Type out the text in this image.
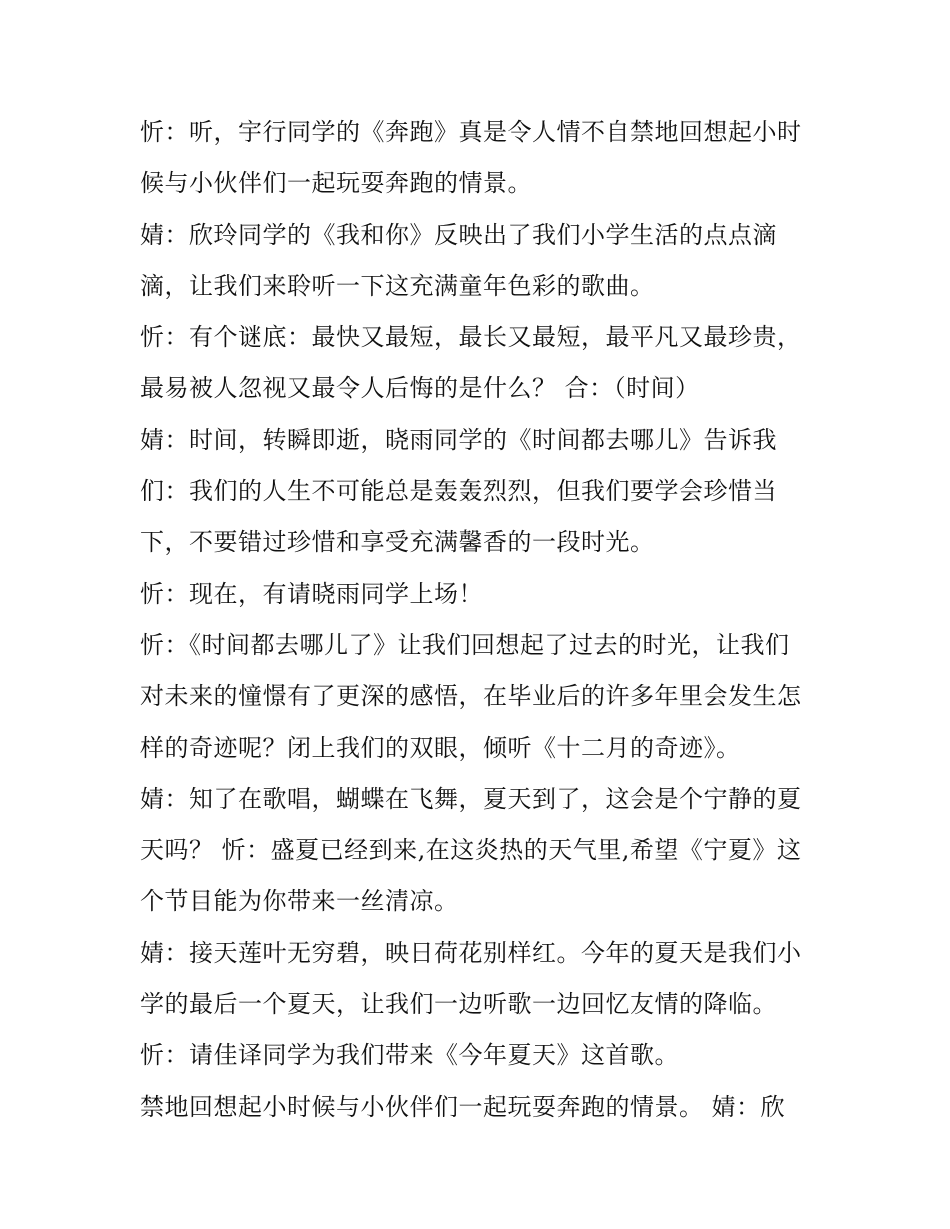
忻：听，宇行同学的《奔跑》真是令人情不自禁地回想起小时
候与小伙伴们一起玩耍奔跑的情景。
婧：欣玲同学的《我和你》反映出了我们小学生活的点点滴
滴，让我们来聆听一下这充满童年色彩的歌曲。
忻：有个谜底：最快又最短，最长又最短，最平凡又最珍贵，
最易被人忽视又最令人后悔的是什么？ 合：（时间）
婧：时间，转瞬即逝，晓雨同学的《时间都去哪儿》告诉我
们：我们的人生不可能总是轰轰烈烈，但我们要学会珍惜当
下，不要错过珍惜和享受充满馨香的一段时光。
忻：现在，有请晓雨同学上场！
忻：《时间都去哪儿了》让我们回想起了过去的时光，让我们
对未来的憧憬有了更深的感悟，在毕业后的许多年里会发生怎
样的奇迹呢？闭上我们的双眼，倾听《十二月的奇迹》。
婧：知了在歌唱，蝴蝶在飞舞，夏天到了，这会是个宁静的夏
天吗？ 忻：盛夏已经到来,在这炎热的天气里,希望《宁夏》这
个节目能为你带来一丝清凉。
婧：接天莲叶无穷碧，映日荷花别样红。今年的夏天是我们小
学的最后一个夏天，让我们一边听歌一边回忆友情的降临。
忻：请佳译同学为我们带来《今年夏天》这首歌。
禁地回想起小时候与小伙伴们一起玩耍奔跑的情景。 婧：欣
